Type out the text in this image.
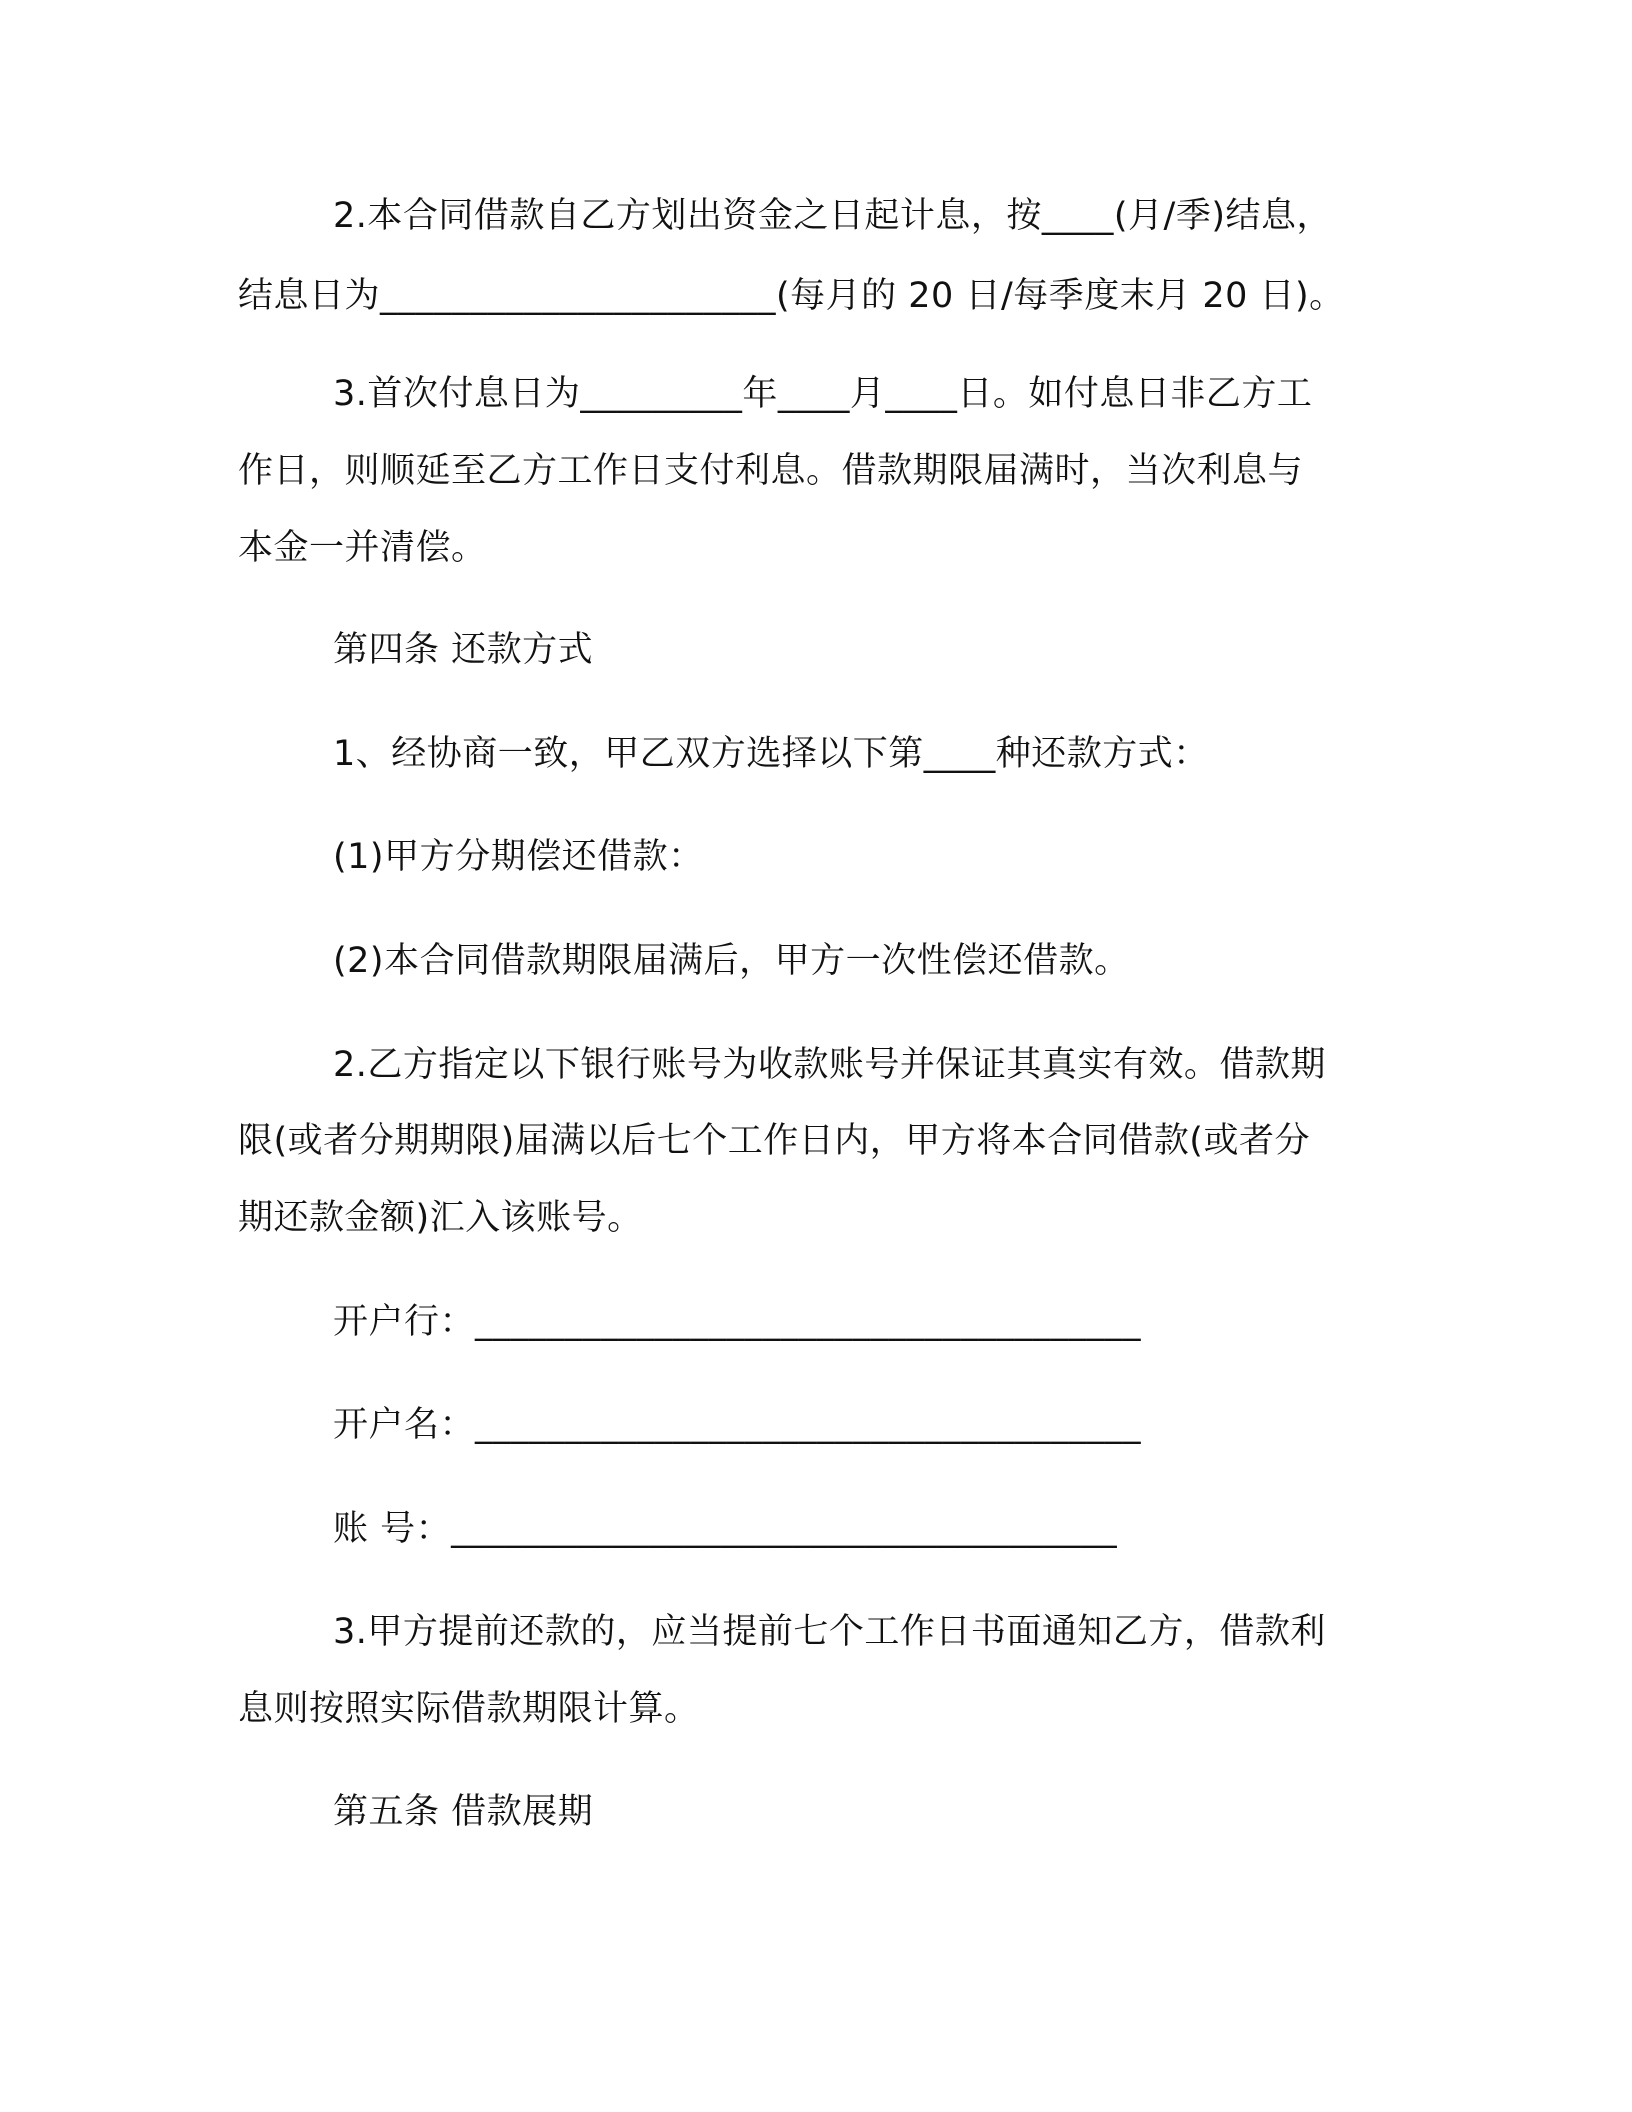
2.本合同借款自乙方划出资金之日起计息，按____(月/季)结息，
结息日为______________________(每月的 20 日/每季度末月 20 日)。
3.首次付息日为_________年____月____日。如付息日非乙方工
作日，则顺延至乙方工作日支付利息。借款期限届满时，当次利息与
本金一并清偿。
第四条 还款方式
1、经协商一致，甲乙双方选择以下第____种还款方式：
(1)甲方分期偿还借款：
(2)本合同借款期限届满后，甲方一次性偿还借款。
2.乙方指定以下银行账号为收款账号并保证其真实有效。借款期
限(或者分期期限)届满以后七个工作日内，甲方将本合同借款(或者分
期还款金额)汇入该账号。
开户行：_____________________________________
开户名：_____________________________________
账 号：_____________________________________
3.甲方提前还款的，应当提前七个工作日书面通知乙方，借款利
息则按照实际借款期限计算。
第五条 借款展期
